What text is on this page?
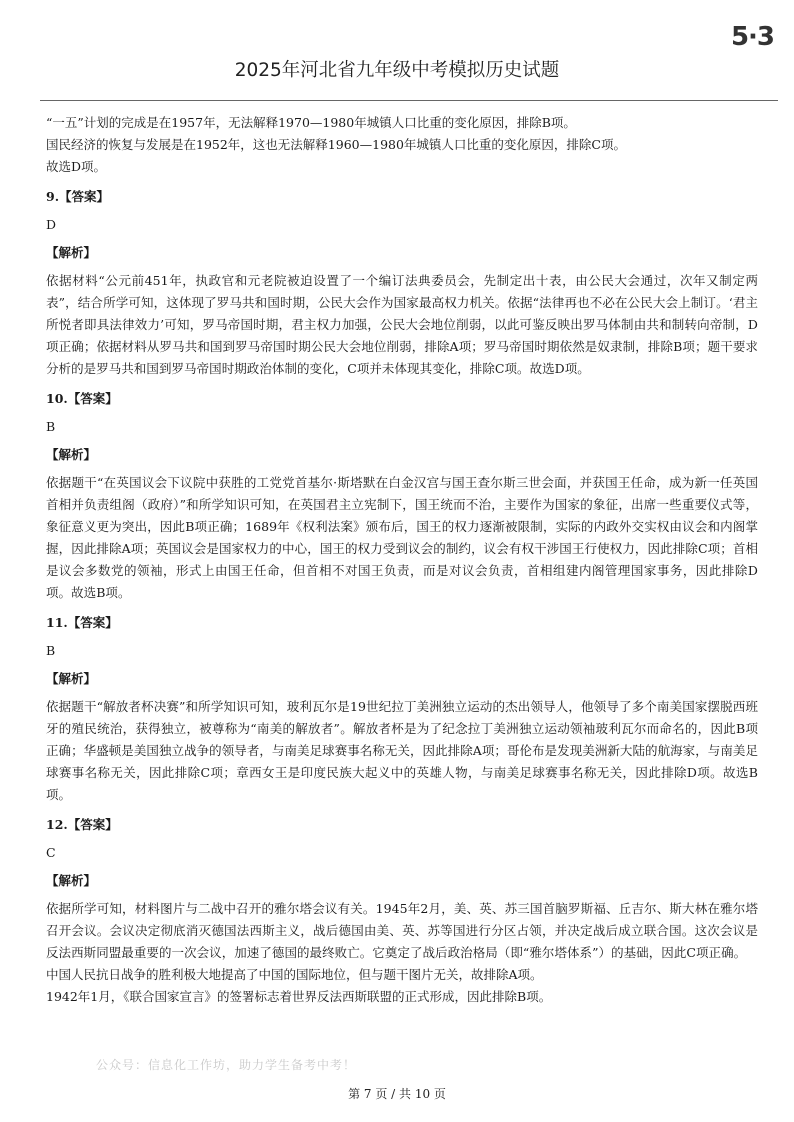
5·3
2025年河北省九年级中考模拟历史试题

“一五”计划的完成是在1957年，无法解释1970—1980年城镇人口比重的变化原因，排除B项。

国民经济的恢复与发展是在1952年，这也无法解释1960—1980年城镇人口比重的变化原因，排除C项。

故选D项。

9.【答案】

D

【解析】

依据材料“公元前451年，执政官和元老院被迫设置了一个编订法典委员会，先制定出十表，由公民大会通过，次年又制定两表”，结合所学可知，这体现了罗马共和国时期，公民大会作为国家最高权力机关。依据“法律再也不必在公民大会上制订。‘君主所悦者即具法律效力’可知，罗马帝国时期，君主权力加强，公民大会地位削弱，以此可鉴反映出罗马体制由共和制转向帝制，D项正确；依据材料从罗马共和国到罗马帝国时期公民大会地位削弱，排除A项；罗马帝国时期依然是奴隶制，排除B项；题干要求分析的是罗马共和国到罗马帝国时期政治体制的变化，C项并未体现其变化，排除C项。故选D项。

10.【答案】

B

【解析】

依据题干“在英国议会下议院中获胜的工党党首基尔·斯塔默在白金汉宫与国王查尔斯三世会面，并获国王任命，成为新一任英国首相并负责组阁（政府）”和所学知识可知，在英国君主立宪制下，国王统而不治，主要作为国家的象征，出席一些重要仪式等，象征意义更为突出，因此B项正确；1689年《权利法案》颁布后，国王的权力逐渐被限制，实际的内政外交实权由议会和内阁掌握，因此排除A项；英国议会是国家权力的中心，国王的权力受到议会的制约，议会有权干涉国王行使权力，因此排除C项；首相是议会多数党的领袖，形式上由国王任命，但首相不对国王负责，而是对议会负责，首相组建内阁管理国家事务，因此排除D项。故选B项。

11.【答案】

B

【解析】

依据题干“解放者杯决赛”和所学知识可知，玻利瓦尔是19世纪拉丁美洲独立运动的杰出领导人，他领导了多个南美国家摆脱西班牙的殖民统治，获得独立，被尊称为“南美的解放者”。解放者杯是为了纪念拉丁美洲独立运动领袖玻利瓦尔而命名的，因此B项正确；华盛顿是美国独立战争的领导者，与南美足球赛事名称无关，因此排除A项；哥伦布是发现美洲新大陆的航海家，与南美足球赛事名称无关，因此排除C项；章西女王是印度民族大起义中的英雄人物，与南美足球赛事名称无关，因此排除D项。故选B项。

12.【答案】

C

【解析】

依据所学可知，材料图片与二战中召开的雅尔塔会议有关。1945年2月，美、英、苏三国首脑罗斯福、丘吉尔、斯大林在雅尔塔召开会议。会议决定彻底消灭德国法西斯主义，战后德国由美、英、苏等国进行分区占领，并决定战后成立联合国。这次会议是反法西斯同盟最重要的一次会议，加速了德国的最终败亡。它奠定了战后政治格局（即“雅尔塔体系”）的基础，因此C项正确。

中国人民抗日战争的胜利极大地提高了中国的国际地位，但与题干图片无关，故排除A项。

1942年1月，《联合国家宣言》的签署标志着世界反法西斯联盟的正式形成，因此排除B项。

公众号：信息化工作坊，助力学生备考中考！
第 7 页 / 共 10 页
